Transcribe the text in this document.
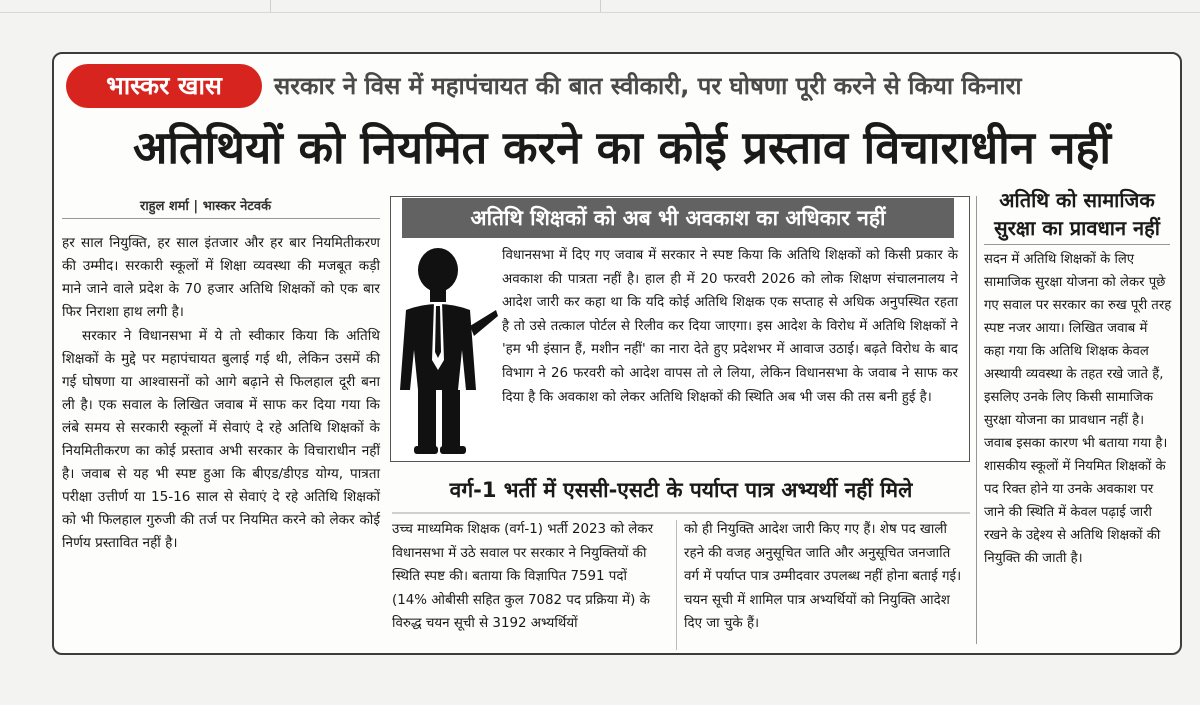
भास्कर खास	सरकार ने विस में महापंचायत की बात स्वीकारी, पर घोषणा पूरी करने से किया किनारा
अतिथियों को नियमित करने का कोई प्रस्ताव विचाराधीन नहीं
राहुल शर्मा | भास्कर नेटवर्क

हर साल नियुक्ति, हर साल इंतजार और हर बार नियमितीकरण की उम्मीद। सरकारी स्कूलों में शिक्षा व्यवस्था की मजबूत कड़ी माने जाने वाले प्रदेश के 70 हजार अतिथि शिक्षकों को एक बार फिर निराशा हाथ लगी है।

सरकार ने विधानसभा में ये तो स्वीकार किया कि अतिथि शिक्षकों के मुद्दे पर महापंचायत बुलाई गई थी, लेकिन उसमें की गई घोषणा या आश्वासनों को आगे बढ़ाने से फिलहाल दूरी बना ली है। एक सवाल के लिखित जवाब में साफ कर दिया गया कि लंबे समय से सरकारी स्कूलों में सेवाएं दे रहे अतिथि शिक्षकों के नियमितीकरण का कोई प्रस्ताव अभी सरकार के विचाराधीन नहीं है। जवाब से यह भी स्पष्ट हुआ कि बीएड/डीएड योग्य, पात्रता परीक्षा उत्तीर्ण या 15-16 साल से सेवाएं दे रहे अतिथि शिक्षकों को भी फिलहाल गुरुजी की तर्ज पर नियमित करने को लेकर कोई निर्णय प्रस्तावित नहीं है।

अतिथि शिक्षकों को अब भी अवकाश का अधिकार नहीं
विधानसभा में दिए गए जवाब में सरकार ने स्पष्ट किया कि अतिथि शिक्षकों को किसी प्रकार के अवकाश की पात्रता नहीं है। हाल ही में 20 फरवरी 2026 को लोक शिक्षण संचालनालय ने आदेश जारी कर कहा था कि यदि कोई अतिथि शिक्षक एक सप्ताह से अधिक अनुपस्थित रहता है तो उसे तत्काल पोर्टल से रिलीव कर दिया जाएगा। इस आदेश के विरोध में अतिथि शिक्षकों ने 'हम भी इंसान हैं, मशीन नहीं' का नारा देते हुए प्रदेशभर में आवाज उठाई। बढ़ते विरोध के बाद विभाग ने 26 फरवरी को आदेश वापस तो ले लिया, लेकिन विधानसभा के जवाब ने साफ कर दिया है कि अवकाश को लेकर अतिथि शिक्षकों की स्थिति अब भी जस की तस बनी हुई है।
वर्ग-1 भर्ती में एससी-एसटी के पर्याप्त पात्र अभ्यर्थी नहीं मिले
उच्च माध्यमिक शिक्षक (वर्ग-1) भर्ती 2023 को लेकर विधानसभा में उठे सवाल पर सरकार ने नियुक्तियों की स्थिति स्पष्ट की। बताया कि विज्ञापित 7591 पदों (14% ओबीसी सहित कुल 7082 पद प्रक्रिया में) के विरुद्ध चयन सूची से 3192 अभ्यर्थियों
को ही नियुक्ति आदेश जारी किए गए हैं। शेष पद खाली रहने की वजह अनुसूचित जाति और अनुसूचित जनजाति वर्ग में पर्याप्त पात्र उम्मीदवार उपलब्ध नहीं होना बताई गई। चयन सूची में शामिल पात्र अभ्यर्थियों को नियुक्ति आदेश दिए जा चुके हैं।
अतिथि को सामाजिक सुरक्षा का प्रावधान नहीं

सदन में अतिथि शिक्षकों के लिए सामाजिक सुरक्षा योजना को लेकर पूछे गए सवाल पर सरकार का रुख पूरी तरह स्पष्ट नजर आया। लिखित जवाब में कहा गया कि अतिथि शिक्षक केवल अस्थायी व्यवस्था के तहत रखे जाते हैं, इसलिए उनके लिए किसी सामाजिक सुरक्षा योजना का प्रावधान नहीं है। जवाब इसका कारण भी बताया गया है।

शासकीय स्कूलों में नियमित शिक्षकों के पद रिक्त होने या उनके अवकाश पर जाने की स्थिति में केवल पढ़ाई जारी रखने के उद्देश्य से अतिथि शिक्षकों की नियुक्ति की जाती है।
